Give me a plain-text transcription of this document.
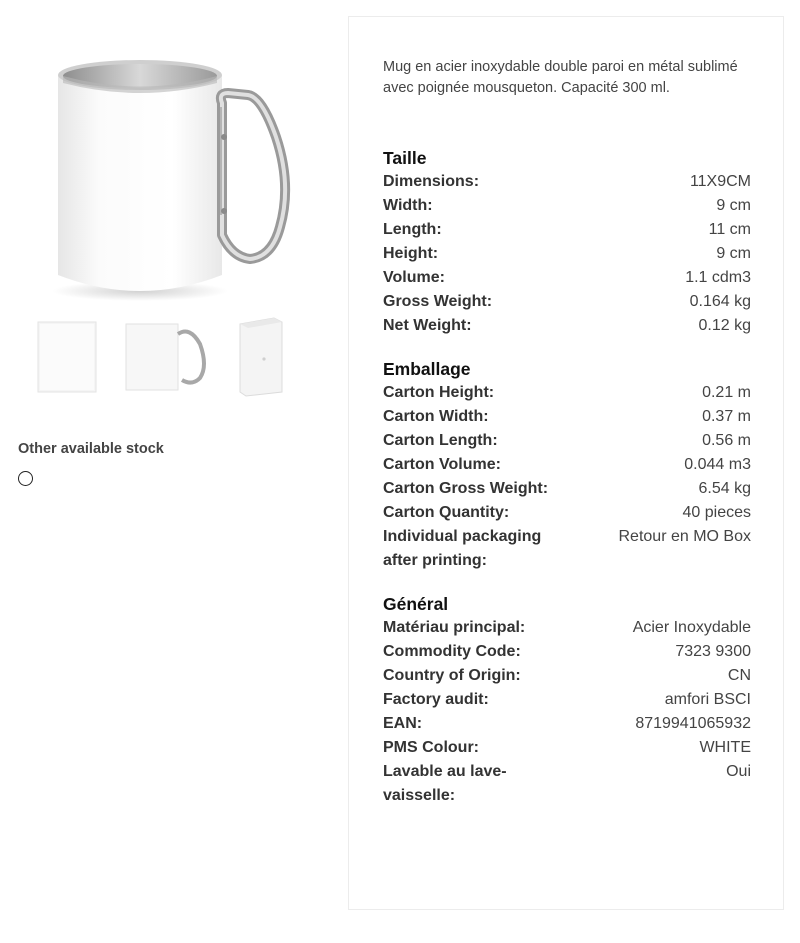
Other available stock
Mug en acier inoxydable double paroi en métal sublimé avec poignée mousqueton. Capacité 300 ml.
Taille
Dimensions:	11X9CM
Width:	9 cm
Length:	11 cm
Height:	9 cm
Volume:	1.1 cdm3
Gross Weight:	0.164 kg
Net Weight:	0.12 kg
Emballage
Carton Height:	0.21 m
Carton Width:	0.37 m
Carton Length:	0.56 m
Carton Volume:	0.044 m3
Carton Gross Weight:	6.54 kg
Carton Quantity:	40 pieces
Individual packaging after printing:
Retour en MO Box
Général
Matériau principal:	Acier Inoxydable
Commodity Code:	7323 9300
Country of Origin:	CN
Factory audit:	amfori BSCI
EAN:	8719941065932
PMS Colour:	WHITE
Lavable au lave-vaisselle:
Oui
